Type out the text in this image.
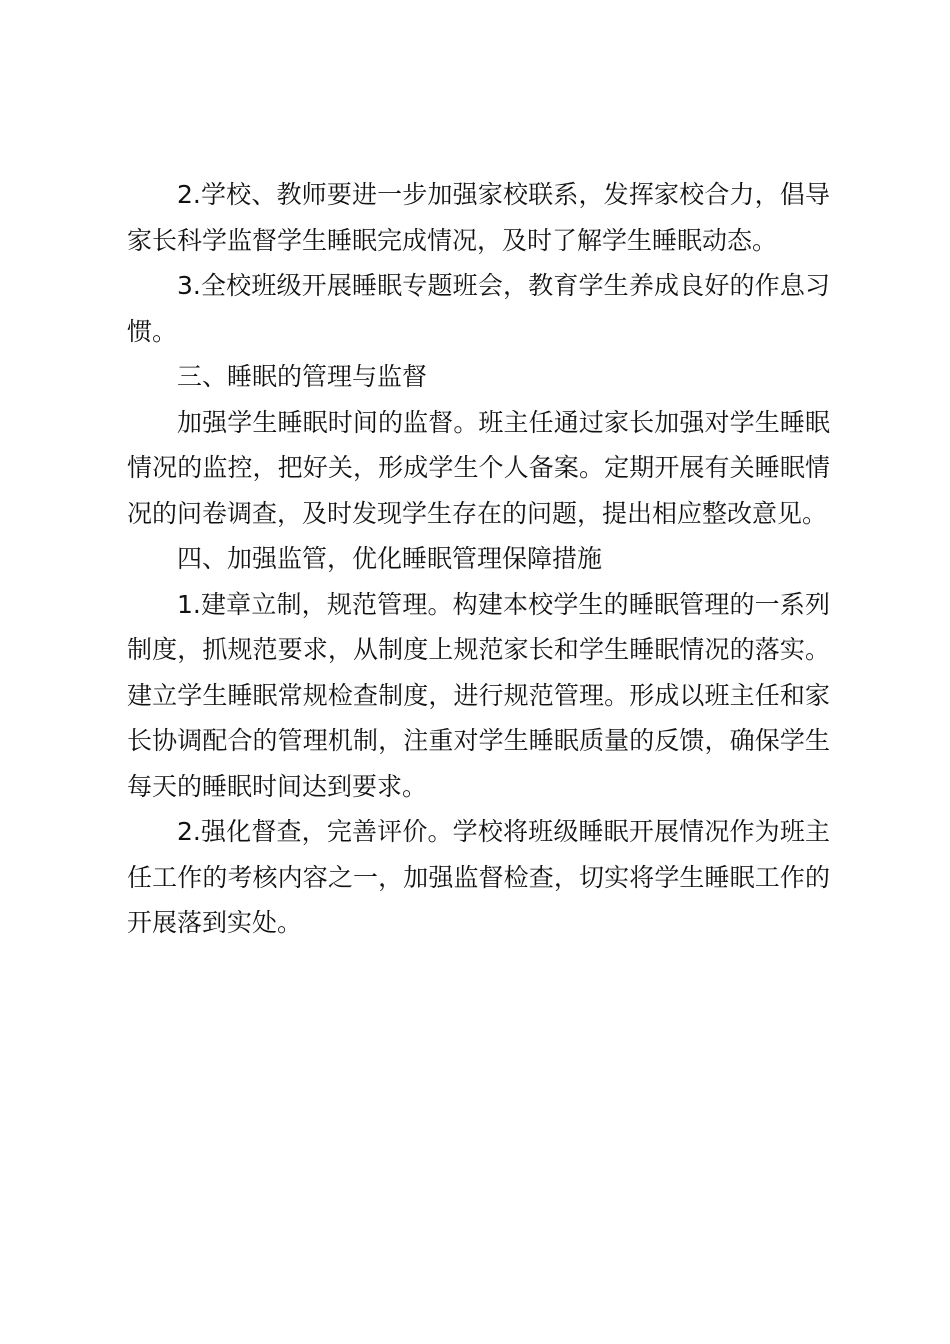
2.学校、教师要进一步加强家校联系，发挥家校合力，倡导家长科学监督学生睡眠完成情况，及时了解学生睡眠动态。

3.全校班级开展睡眠专题班会，教育学生养成良好的作息习惯。

三、睡眠的管理与监督

加强学生睡眠时间的监督。班主任通过家长加强对学生睡眠情况的监控，把好关，形成学生个人备案。定期开展有关睡眠情况的问卷调查，及时发现学生存在的问题，提出相应整改意见。

四、加强监管，优化睡眠管理保障措施

1.建章立制，规范管理。构建本校学生的睡眠管理的一系列制度，抓规范要求，从制度上规范家长和学生睡眠情况的落实。建立学生睡眠常规检查制度，进行规范管理。形成以班主任和家长协调配合的管理机制，注重对学生睡眠质量的反馈，确保学生每天的睡眠时间达到要求。

2.强化督查，完善评价。学校将班级睡眠开展情况作为班主任工作的考核内容之一，加强监督检查，切实将学生睡眠工作的开展落到实处。
